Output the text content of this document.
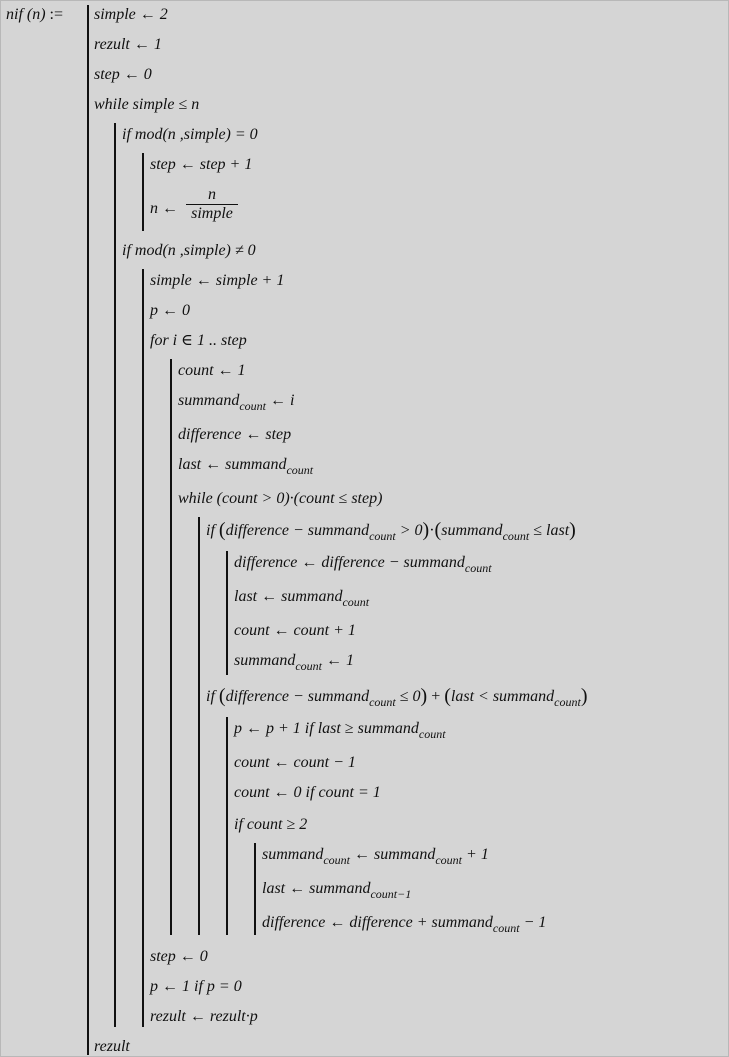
nif (n) := simple ← 2
rezult ← 1
step ← 0
while simple ≤ n
if mod(n ,simple) = 0
step ← step + 1
n ←
n
simple
if mod(n ,simple) ≠ 0
simple ← simple + 1
p ← 0
for i ∈ 1 .. step
count ← 1
summand$_{count}$ ← i
difference ← step
last ← summand$_{count}$
while (count > 0)·(count ≤ step)
if (difference − summand$_{count}$ > 0)·(summand$_{count}$ ≤ last)
difference ← difference − summand$_{count}$
last ← summand$_{count}$
count ← count + 1
summand$_{count}$ ← 1
if (difference − summand$_{count}$ ≤ 0) + (last < summand$_{count}$)
p ← p + 1 if last ≥ summand$_{count}$
count ← count − 1
count ← 0 if count = 1
if count ≥ 2
summand$_{count}$ ← summand$_{count}$ + 1
last ← summand$_{count-1}$
difference ← difference + summand$_{count}$ − 1
step ← 0
p ← 1 if p = 0
rezult ← rezult·p
rezult
